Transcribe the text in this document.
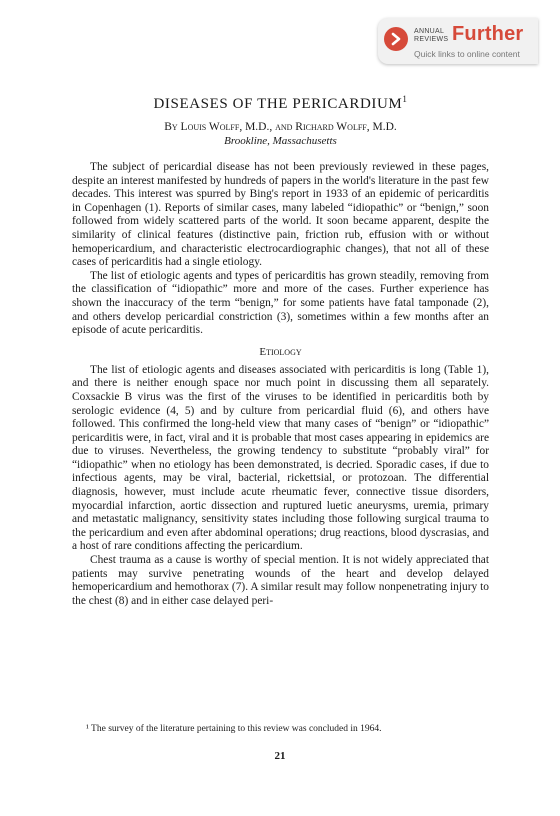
ANNUAL
REVIEWS Further
Quick links to online content
DISEASES OF THE PERICARDIUM$^1$
By Louis Wolff, M.D., and Richard Wolff, M.D.
Brookline, Massachusetts

The subject of pericardial disease has not been previously reviewed in these pages, despite an interest manifested by hundreds of papers in the world's literature in the past few decades. This interest was spurred by Bing's report in 1933 of an epidemic of pericarditis in Copenhagen (1). Reports of similar cases, many labeled “idiopathic” or “benign,” soon followed from widely scattered parts of the world. It soon became apparent, despite the similarity of clinical features (distinctive pain, friction rub, effusion with or without hemopericardium, and characteristic electrocardiographic changes), that not all of these cases of pericarditis had a single etiology.

The list of etiologic agents and types of pericarditis has grown steadily, removing from the classification of “idiopathic” more and more of the cases. Further experience has shown the inaccuracy of the term “benign,” for some patients have fatal tamponade (2), and others develop pericardial constriction (3), sometimes within a few months after an episode of acute pericarditis.

Etiology

The list of etiologic agents and diseases associated with pericarditis is long (Table 1), and there is neither enough space nor much point in discussing them all separately. Coxsackie B virus was the first of the viruses to be identified in pericarditis both by serologic evidence (4, 5) and by culture from pericardial fluid (6), and others have followed. This confirmed the long-held view that many cases of “benign” or “idiopathic” pericarditis were, in fact, viral and it is probable that most cases appearing in epidemics are due to viruses. Nevertheless, the growing tendency to substitute “probably viral” for “idiopathic” when no etiology has been demonstrated, is decried. Sporadic cases, if due to infectious agents, may be viral, bacterial, rickettsial, or protozoan. The differential diagnosis, however, must include acute rheumatic fever, connective tissue disorders, myocardial infarction, aortic dissection and ruptured luetic aneurysms, uremia, primary and metastatic malignancy, sensitivity states including those following surgical trauma to the pericardium and even after abdominal operations; drug reactions, blood dyscrasias, and a host of rare conditions affecting the pericardium.

Chest trauma as a cause is worthy of special mention. It is not widely appreciated that patients may survive penetrating wounds of the heart and develop delayed hemopericardium and hemothorax (7). A similar result may follow nonpenetrating injury to the chest (8) and in either case delayed peri-

¹ The survey of the literature pertaining to this review was concluded in 1964.
21
